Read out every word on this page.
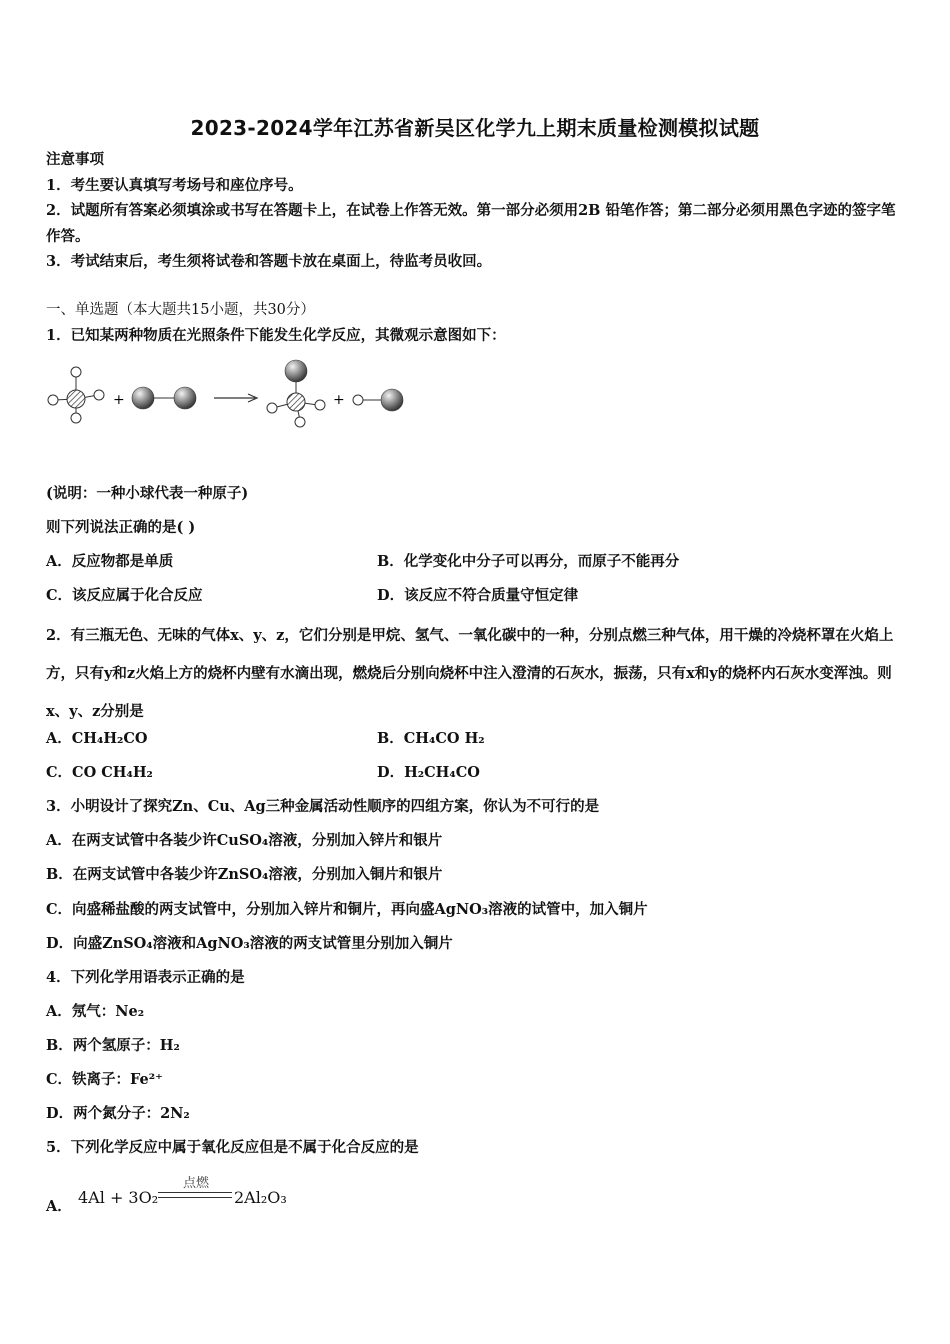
2023-2024学年江苏省新吴区化学九上期末质量检测模拟试题
注意事项
1．考生要认真填写考场号和座位序号。
2．试题所有答案必须填涂或书写在答题卡上，在试卷上作答无效。第一部分必须用2B 铅笔作答；第二部分必须用黑色字迹的签字笔作答。
3．考试结束后，考生须将试卷和答题卡放在桌面上，待监考员收回。
一、单选题（本大题共15小题，共30分）
1．已知某两种物质在光照条件下能发生化学反应，其微观示意图如下：
+	+
(说明：一种小球代表一种原子)
则下列说法正确的是( )
A．反应物都是单质	B．化学变化中分子可以再分，而原子不能再分
C．该反应属于化合反应	D．该反应不符合质量守恒定律
2．有三瓶无色、无味的气体x、y、z，它们分别是甲烷、氢气、一氧化碳中的一种，分别点燃三种气体，用干燥的冷烧杯罩在火焰上方，只有y和z火焰上方的烧杯内壁有水滴出现，燃烧后分别向烧杯中注入澄清的石灰水，振荡，只有x和y的烧杯内石灰水变浑浊。则x、y、z分别是
A．CH₄H₂CO	B．CH₄CO H₂
C．CO CH₄H₂	D．H₂CH₄CO
3．小明设计了探究Zn、Cu、Ag三种金属活动性顺序的四组方案，你认为不可行的是
A．在两支试管中各装少许CuSO₄溶液，分别加入锌片和银片
B．在两支试管中各装少许ZnSO₄溶液，分别加入铜片和银片
C．向盛稀盐酸的两支试管中，分别加入锌片和铜片，再向盛AgNO₃溶液的试管中，加入铜片
D．向盛ZnSO₄溶液和AgNO₃溶液的两支试管里分别加入铜片
4．下列化学用语表示正确的是
A．氖气：Ne₂
B．两个氢原子：H₂
C．铁离子：Fe²⁺
D．两个氮分子：2N₂
5．下列化学反应中属于氧化反应但是不属于化合反应的是
A． 4Al + 3O₂
点燃
2Al₂O₃
